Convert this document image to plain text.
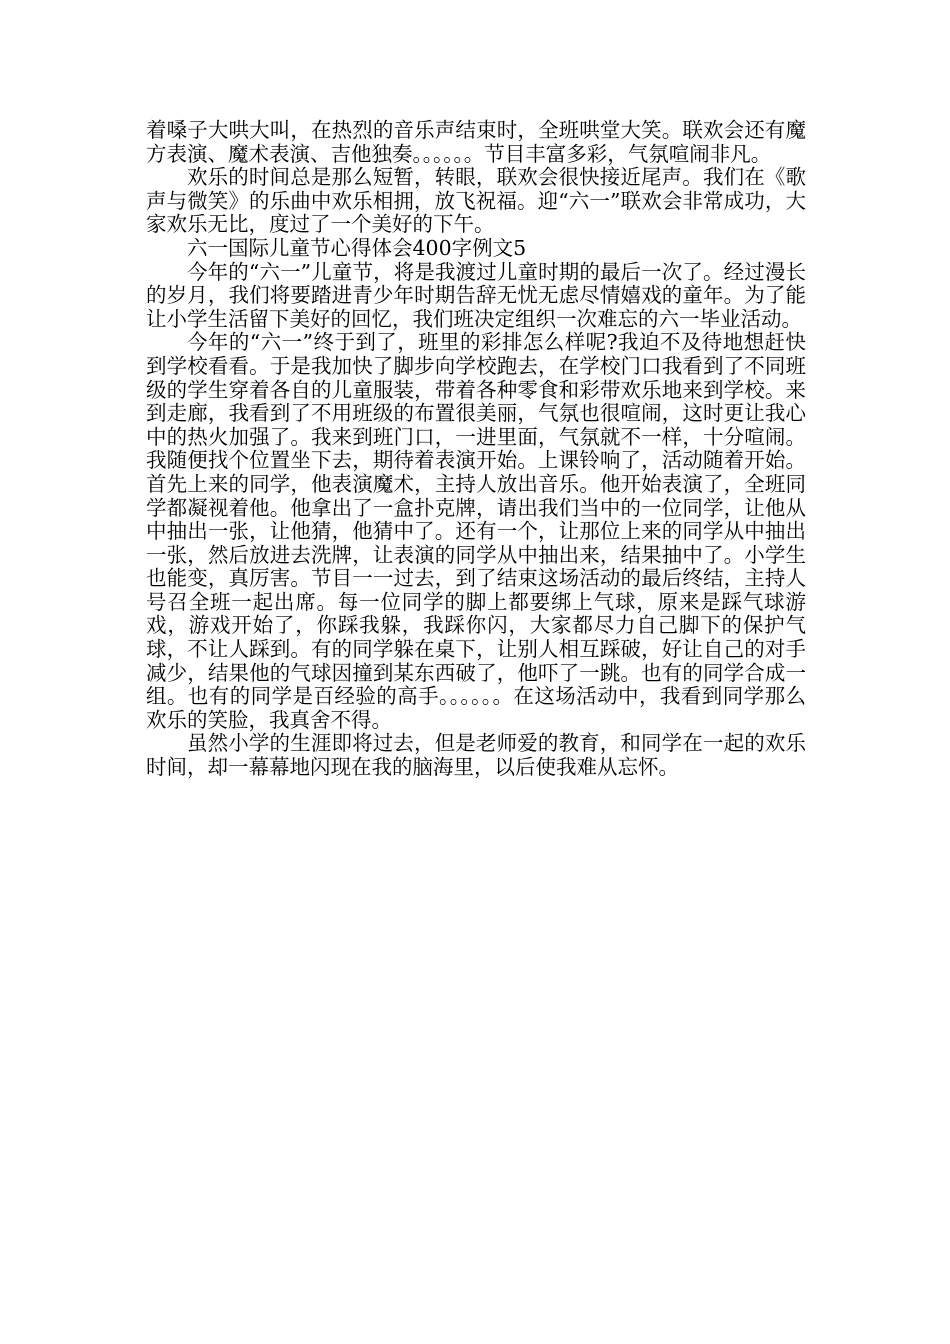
着嗓子大哄大叫，在热烈的音乐声结束时，全班哄堂大笑。联欢会还有魔方表演、魔术表演、吉他独奏。。。。。。节目丰富多彩，气氛喧闹非凡。

欢乐的时间总是那么短暂，转眼，联欢会很快接近尾声。我们在《歌声与微笑》的乐曲中欢乐相拥，放飞祝福。迎“六一”联欢会非常成功，大家欢乐无比，度过了一个美好的下午。

六一国际儿童节心得体会400字例文5

今年的“六一”儿童节，将是我渡过儿童时期的最后一次了。经过漫长的岁月，我们将要踏进青少年时期告辞无忧无虑尽情嬉戏的童年。为了能让小学生活留下美好的回忆，我们班决定组织一次难忘的六一毕业活动。

今年的“六一”终于到了，班里的彩排怎么样呢?我迫不及待地想赶快到学校看看。于是我加快了脚步向学校跑去，在学校门口我看到了不同班级的学生穿着各自的儿童服装，带着各种零食和彩带欢乐地来到学校。来到走廊，我看到了不用班级的布置很美丽，气氛也很喧闹，这时更让我心中的热火加强了。我来到班门口，一进里面，气氛就不一样，十分喧闹。我随便找个位置坐下去，期待着表演开始。上课铃响了，活动随着开始。首先上来的同学，他表演魔术，主持人放出音乐。他开始表演了，全班同学都凝视着他。他拿出了一盒扑克牌，请出我们当中的一位同学，让他从中抽出一张，让他猜，他猜中了。还有一个，让那位上来的同学从中抽出一张，然后放进去洗牌，让表演的同学从中抽出来，结果抽中了。小学生也能变，真厉害。节目一一过去，到了结束这场活动的最后终结，主持人号召全班一起出席。每一位同学的脚上都要绑上气球，原来是踩气球游戏，游戏开始了，你踩我躲，我踩你闪，大家都尽力自己脚下的保护气球，不让人踩到。有的同学躲在桌下，让别人相互踩破，好让自己的对手减少，结果他的气球因撞到某东西破了，他吓了一跳。也有的同学合成一组。也有的同学是百经验的高手。。。。。。在这场活动中，我看到同学那么欢乐的笑脸，我真舍不得。

虽然小学的生涯即将过去，但是老师爱的教育，和同学在一起的欢乐时间，却一幕幕地闪现在我的脑海里，以后使我难从忘怀。
